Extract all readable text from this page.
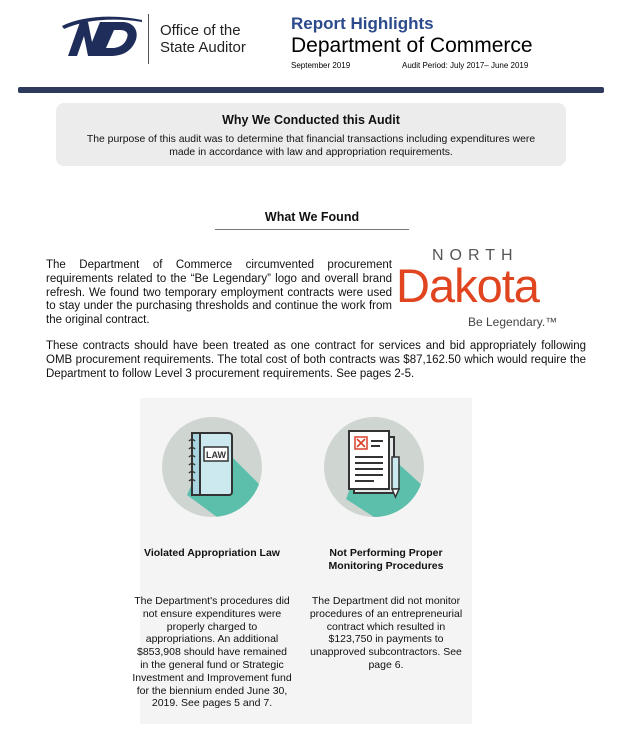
Office of the
State Auditor
Report Highlights
Department of Commerce
September 2019	Audit Period: July 2017– June 2019
Why We Conducted this Audit
The purpose of this audit was to determine that financial transactions including expenditures were made in accordance with law and appropriation requirements.
What We Found
The Department of Commerce circumvented procurement requirements related to the “Be Legendary” logo and overall brand refresh. We found two temporary employment contracts were used to stay under the purchasing thresholds and continue the work from the original contract.
NORTH
Dakota
Be Legendary.™
These contracts should have been treated as one contract for services and bid appropriately following OMB procurement requirements. The total cost of both contracts was $87,162.50 which would require the Department to follow Level 3 procurement requirements. See pages 2-5.
LAW
Violated Appropriation Law	Not Performing Proper Monitoring Procedures
The Department's procedures did not ensure expenditures were properly charged to appropriations. An additional $853,908 should have remained in the general fund or Strategic Investment and Improvement fund for the biennium ended June 30, 2019. See pages 5 and 7.
The Department did not monitor procedures of an entrepreneurial contract which resulted in $123,750 in payments to unapproved subcontractors. See page 6.
